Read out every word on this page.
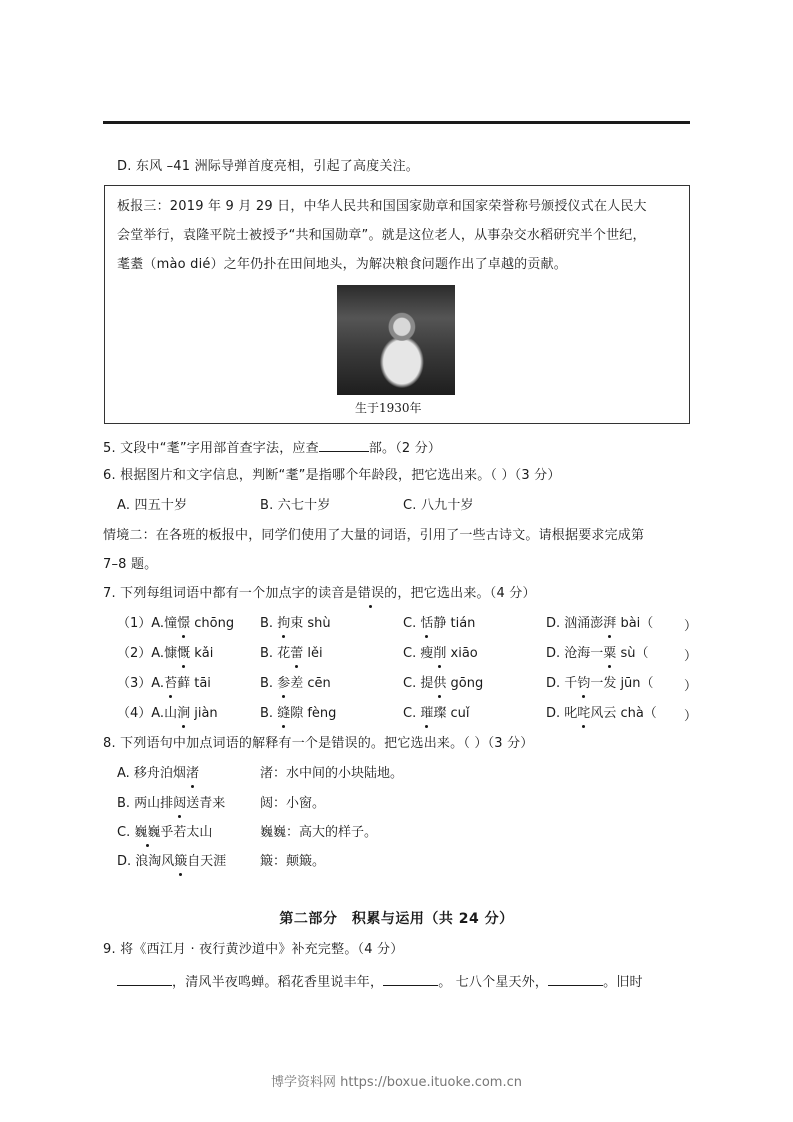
D. 东风 –41 洲际导弹首度亮相，引起了高度关注。
板报三：2019 年 9 月 29 日，中华人民共和国国家勋章和国家荣誉称号颁授仪式在人民大
会堂举行，袁隆平院士被授予“共和国勋章”。就是这位老人，从事杂交水稻研究半个世纪，
耄耋（mào dié）之年仍扑在田间地头，为解决粮食问题作出了卓越的贡献。
生于1930年
5. 文段中“耄”字用部首查字法，应查	部。（2 分）
6. 根据图片和文字信息，判断“耄”是指哪个年龄段，把它选出来。（ ）（3 分）
A. 四五十岁	B. 六七十岁	C. 八九十岁
情境二：在各班的板报中，同学们使用了大量的词语，引用了一些古诗文。请根据要求完成第
7–8 题。
7. 下列每组词语中都有一个加点字的读音是错误的，把它选出来。（4 分）
（1）A.憧憬 chōng B. 拘束 shù	C. 恬静 tián	D. 汹涌澎湃 bài（ ）
（2）A.慷慨 kǎi	B. 花蕾 lěi	C. 瘦削 xiāo	D. 沧海一粟 sù（	）
（3）A.苔藓 tāi	B. 参差 cēn	C. 提供 gōng	D. 千钧一发 jūn（ ）
（4）A.山涧 jiàn	B. 缝隙 fèng	C. 璀璨 cuǐ	D. 叱咤风云 chà（ ）
8. 下列语句中加点词语的解释有一个是错误的。把它选出来。（ ）（3 分）
A. 移舟泊烟渚	渚：水中间的小块陆地。
B. 两山排闼送青来	闼：小窗。
C. 巍巍乎若太山	巍巍：高大的样子。
D. 浪淘风簸自天涯	簸：颠簸。
第二部分　积累与运用（共 24 分）
9. 将《西江月 · 夜行黄沙道中》补充完整。（4 分）
，清风半夜鸣蝉。稻花香里说丰年，	。 七八个星天外，	。旧时
博学资料网 https://boxue.ituoke.com.cn
